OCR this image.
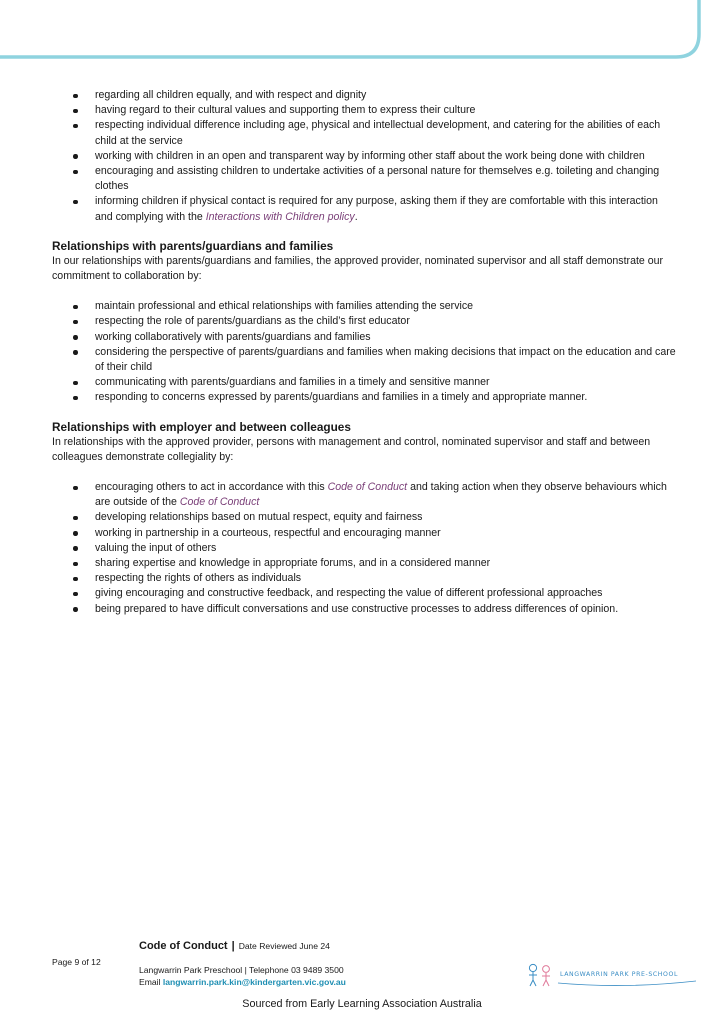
regarding all children equally, and with respect and dignity
having regard to their cultural values and supporting them to express their culture
respecting individual difference including age, physical and intellectual development, and catering for the abilities of each child at the service
working with children in an open and transparent way by informing other staff about the work being done with children
encouraging and assisting children to undertake activities of a personal nature for themselves e.g. toileting and changing clothes
informing children if physical contact is required for any purpose, asking them if they are comfortable with this interaction and complying with the Interactions with Children policy.
Relationships with parents/guardians and families

In our relationships with parents/guardians and families, the approved provider, nominated supervisor and all staff demonstrate our commitment to collaboration by:

maintain professional and ethical relationships with families attending the service
respecting the role of parents/guardians as the child’s first educator
working collaboratively with parents/guardians and families
considering the perspective of parents/guardians and families when making decisions that impact on the education and care of their child
communicating with parents/guardians and families in a timely and sensitive manner
responding to concerns expressed by parents/guardians and families in a timely and appropriate manner.
Relationships with employer and between colleagues

In relationships with the approved provider, persons with management and control, nominated supervisor and staff and between colleagues demonstrate collegiality by:

encouraging others to act in accordance with this Code of Conduct and taking action when they observe behaviours which are outside of the Code of Conduct
developing relationships based on mutual respect, equity and fairness
working in partnership in a courteous, respectful and encouraging manner
valuing the input of others
sharing expertise and knowledge in appropriate forums, and in a considered manner
respecting the rights of others as individuals
giving encouraging and constructive feedback, and respecting the value of different professional approaches
being prepared to have difficult conversations and use constructive processes to address differences of opinion.
Code of Conduct | Date Reviewed June 24
Page 9 of 12
Langwarrin Park Preschool | Telephone 03 9489 3500
Email langwarrin.park.kin@kindergarten.vic.gov.au
LANGWARRIN PARK PRE-SCHOOL
Sourced from Early Learning Association Australia
